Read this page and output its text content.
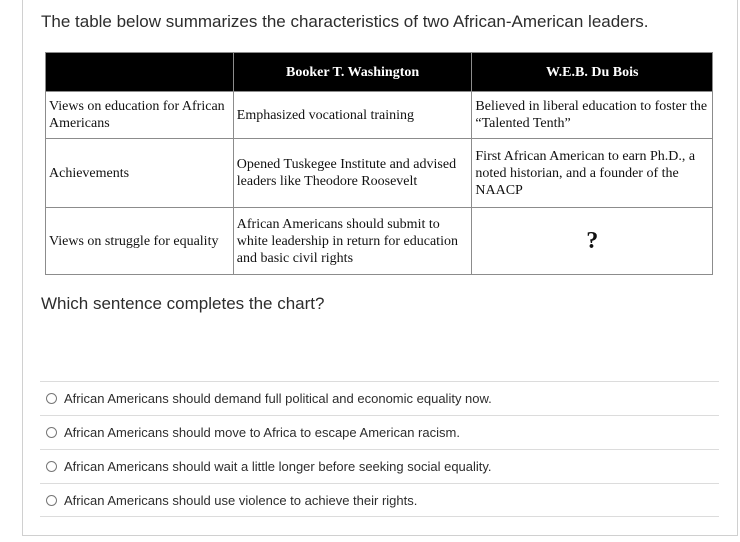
The table below summarizes the characteristics of two African-American leaders.
	Booker T. Washington	W.E.B. Du Bois
Views on education for African Americans	Emphasized vocational training	Believed in liberal education to foster the “Talented Tenth”
Achievements	Opened Tuskegee Institute and advised leaders like Theodore Roosevelt	First African American to earn Ph.D., a noted historian, and a founder of the NAACP
Views on struggle for equality	African Americans should submit to white leadership in return for education and basic civil rights	?
Which sentence completes the chart?
African Americans should demand full political and economic equality now.
African Americans should move to Africa to escape American racism.
African Americans should wait a little longer before seeking social equality.
African Americans should use violence to achieve their rights.
